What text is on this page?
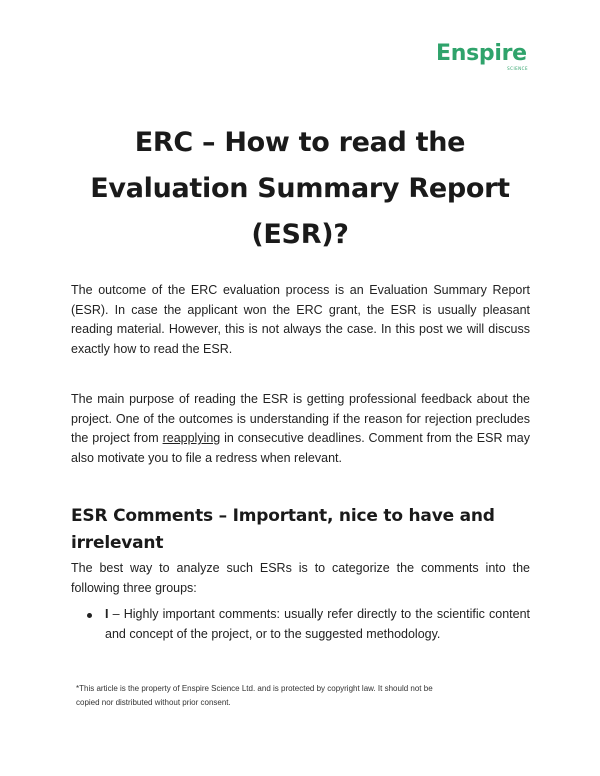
Enspire
SCIENCE
ERC – How to read the
Evaluation Summary Report
(ESR)?

The outcome of the ERC evaluation process is an Evaluation Summary Report (ESR). In case the applicant won the ERC grant, the ESR is usually pleasant reading material. However, this is not always the case. In this post we will discuss exactly how to read the ESR.

The main purpose of reading the ESR is getting professional feedback about the project. One of the outcomes is understanding if the reason for rejection precludes the project from reapplying in consecutive deadlines. Comment from the ESR may also motivate you to file a redress when relevant.

ESR Comments – Important, nice to have and irrelevant

The best way to analyze such ESRs is to categorize the comments into the following three groups:

I – Highly important comments: usually refer directly to the scientific content and concept of the project, or to the suggested methodology.

*This article is the property of Enspire Science Ltd. and is protected by copyright law. It should not be
copied nor distributed without prior consent.
